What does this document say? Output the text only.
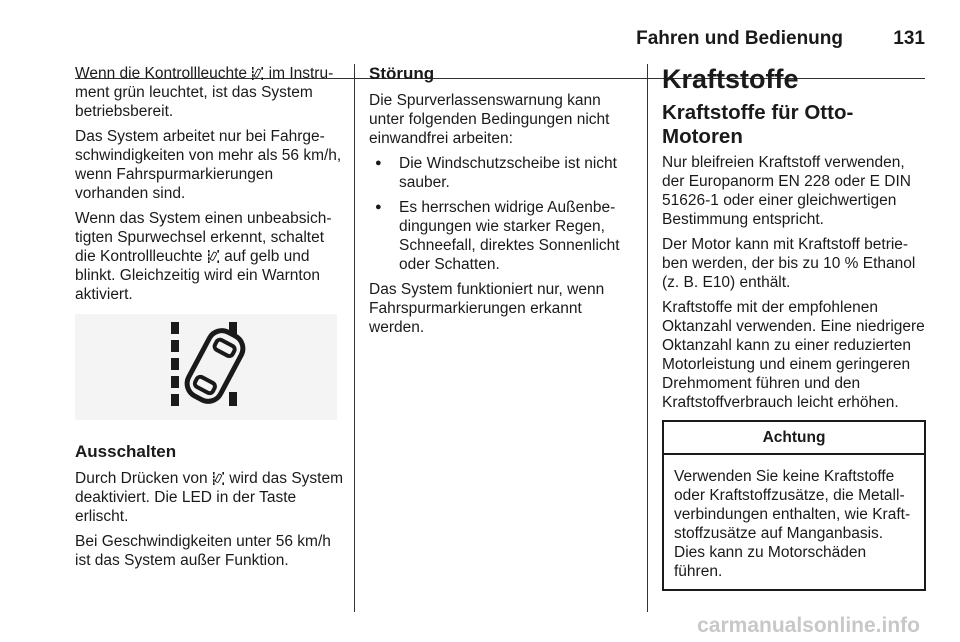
Fahren und Bedienung	131

Wenn die Kontrollleuchte  im Instrument grün leuchtet, ist das System betriebsbereit.

Das System arbeitet nur bei Fahrgeschwindigkeiten von mehr als 56 km/h, wenn Fahrspurmarkierungen vorhanden sind.

Wenn das System einen unbeabsichtigten Spurwechsel erkennt, schaltet die Kontrollleuchte  auf gelb und blinkt. Gleichzeitig wird ein Warnton aktiviert.

Ausschalten

Durch Drücken von  wird das System deaktiviert. Die LED in der Taste erlischt.

Bei Geschwindigkeiten unter 56 km/h ist das System außer Funktion.

Störung

Die Spurverlassenswarnung kann unter folgenden Bedingungen nicht einwandfrei arbeiten:

● Die Windschutzscheibe ist nicht sauber.
● Es herrschen widrige Außenbedingungen wie starker Regen, Schneefall, direktes Sonnenlicht oder Schatten.

Das System funktioniert nur, wenn Fahrspurmarkierungen erkannt werden.

Kraftstoffe
Kraftstoffe für Otto-Motoren

Nur bleifreien Kraftstoff verwenden, der Europanorm EN 228 oder E DIN 51626-1 oder einer gleichwertigen Bestimmung entspricht.

Der Motor kann mit Kraftstoff betrieben werden, der bis zu 10 % Ethanol (z. B. E10) enthält.

Kraftstoffe mit der empfohlenen Oktanzahl verwenden. Eine niedrigere Oktanzahl kann zu einer reduzierten Motorleistung und einem geringeren Drehmoment führen und den Kraftstoffverbrauch leicht erhöhen.

Achtung
Verwenden Sie keine Kraftstoffe oder Kraftstoffzusätze, die Metallverbindungen enthalten, wie Kraftstoffzusätze auf Manganbasis. Dies kann zu Motorschäden führen.
carmanualsonline.info
